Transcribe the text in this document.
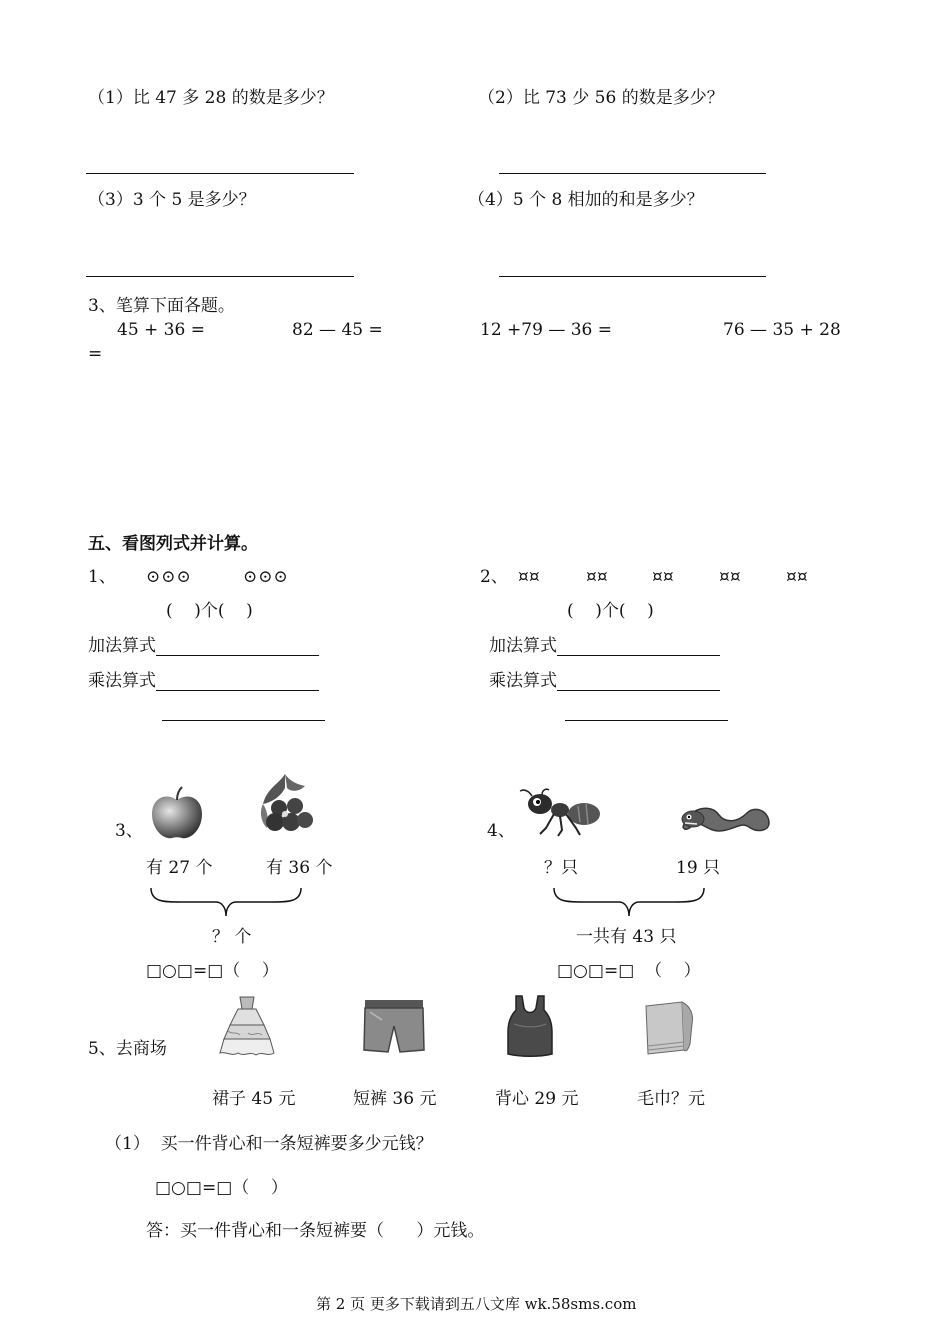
（1）比 47 多 28 的数是多少？	（2）比 73 少 56 的数是多少？
（3）3 个 5 是多少？	（4）5 个 8 相加的和是多少？
3、笔算下面各题。
45 + 36 =	82 — 45 =	12 +79 — 36 =	76 — 35 + 28
=
五、看图列式并计算。
1、 ⊙⊙⊙	⊙⊙⊙
(    )个(    )
加法算式
乘法算式
2、 ¤¤	¤¤	¤¤	¤¤	¤¤
(    )个(    )
加法算式
乘法算式
3、
有 27 个	有 36 个
？ 个
□○□=□（    ）
4、
？只	19 只
一共有 43 只
□○□=□  （    ）
5、去商场
裙子 45 元	短裤 36 元	背心 29 元	毛巾？元
（1）  买一件背心和一条短裤要多少元钱？
□○□=□（    ）
答：买一件背心和一条短裤要（      ）元钱。
第 2 页 更多下载请到五八文库 wk.58sms.com
